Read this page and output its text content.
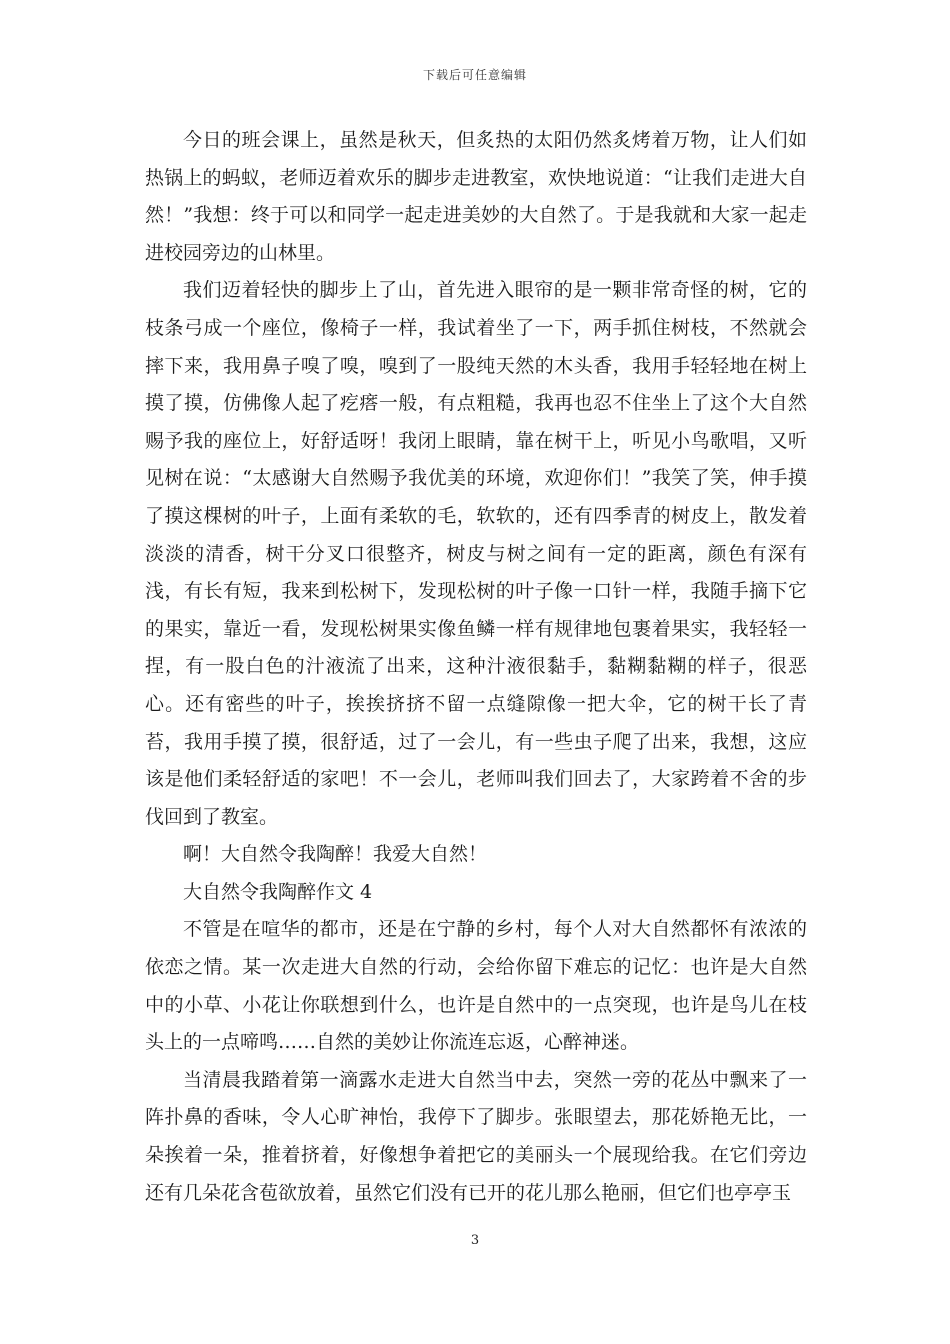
下载后可任意编辑

今日的班会课上，虽然是秋天，但炙热的太阳仍然炙烤着万物，让人们如热锅上的蚂蚁，老师迈着欢乐的脚步走进教室，欢快地说道：“让我们走进大自然！”我想：终于可以和同学一起走进美妙的大自然了。于是我就和大家一起走进校园旁边的山林里。

我们迈着轻快的脚步上了山，首先进入眼帘的是一颗非常奇怪的树，它的枝条弓成一个座位，像椅子一样，我试着坐了一下，两手抓住树枝，不然就会摔下来，我用鼻子嗅了嗅，嗅到了一股纯天然的木头香，我用手轻轻地在树上摸了摸，仿佛像人起了疙瘩一般，有点粗糙，我再也忍不住坐上了这个大自然赐予我的座位上，好舒适呀！我闭上眼睛，靠在树干上，听见小鸟歌唱，又听见树在说：“太感谢大自然赐予我优美的环境，欢迎你们！”我笑了笑，伸手摸了摸这棵树的叶子，上面有柔软的毛，软软的，还有四季青的树皮上，散发着淡淡的清香，树干分叉口很整齐，树皮与树之间有一定的距离，颜色有深有浅，有长有短，我来到松树下，发现松树的叶子像一口针一样，我随手摘下它的果实，靠近一看，发现松树果实像鱼鳞一样有规律地包裹着果实，我轻轻一捏，有一股白色的汁液流了出来，这种汁液很黏手，黏糊黏糊的样子，很恶心。还有密些的叶子，挨挨挤挤不留一点缝隙像一把大伞，它的树干长了青苔，我用手摸了摸，很舒适，过了一会儿，有一些虫子爬了出来，我想，这应该是他们柔轻舒适的家吧！不一会儿，老师叫我们回去了，大家跨着不舍的步伐回到了教室。

啊！大自然令我陶醉！我爱大自然！

大自然令我陶醉作文 4

不管是在喧华的都市，还是在宁静的乡村，每个人对大自然都怀有浓浓的依恋之情。某一次走进大自然的行动，会给你留下难忘的记忆：也许是大自然中的小草、小花让你联想到什么，也许是自然中的一点突现，也许是鸟儿在枝头上的一点啼鸣……自然的美妙让你流连忘返，心醉神迷。

当清晨我踏着第一滴露水走进大自然当中去，突然一旁的花丛中飘来了一阵扑鼻的香味，令人心旷神怡，我停下了脚步。张眼望去，那花娇艳无比，一朵挨着一朵，推着挤着，好像想争着把它的美丽头一个展现给我。在它们旁边还有几朵花含苞欲放着，虽然它们没有已开的花儿那么艳丽，但它们也亭亭玉

3
